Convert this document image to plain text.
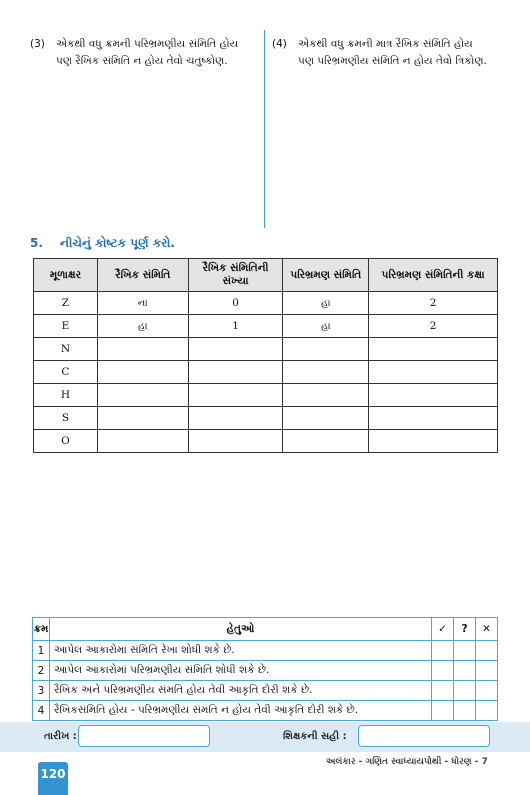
(3) એકથી વધુ ક્રમની પરિભ્રમણીય સંમિતિ હોય
પણ રૈખિક સંમિતિ ન હોય તેવો ચતુષ્કોણ.
(4) એકથી વધુ ક્રમની માત્ર રૈખિક સંમિતિ હોય
પણ પરિભ્રમણીય સંમિતિ ન હોય તેવો ત્રિકોણ.
5. નીચેનું કોષ્ટક પૂર્ણ કરો.
મૂળાક્ષર	રૈખિક સંમિતિ	રૈખિક સંમિતિની સંખ્યા	પરિભ્રમણ સંમિતિ	પરિભ્રમણ સંમિતિની કક્ષા
Z	ના	0	હા	2
E	હા	1	હા	2
N				
C				
H				
S				
O				
ક્રમ	હેતુઓ	✓	?	✕
1	આપેલ આકારોમાં સંમિતિ રેખા શોધી શકે છે.			
2	આપેલ આકારોમાં પરિભ્રમણીય સંમિતિ શોધી શકે છે.			
3	રૈખિક અને પરિભ્રમણીય સંમતિ હોય તેવી આકૃતિ દોરી શકે છે.			
4	રૈખિકસંમિતિ હોય - પરિભ્રમણીય સંમતિ ન હોય તેવી આકૃતિ દોરી શકે છે.			
તારીખ :	શિક્ષકની સહી :
અલંકાર - ગણિત સ્વાધ્યાયપોથી - ધોરણ - 7
120
